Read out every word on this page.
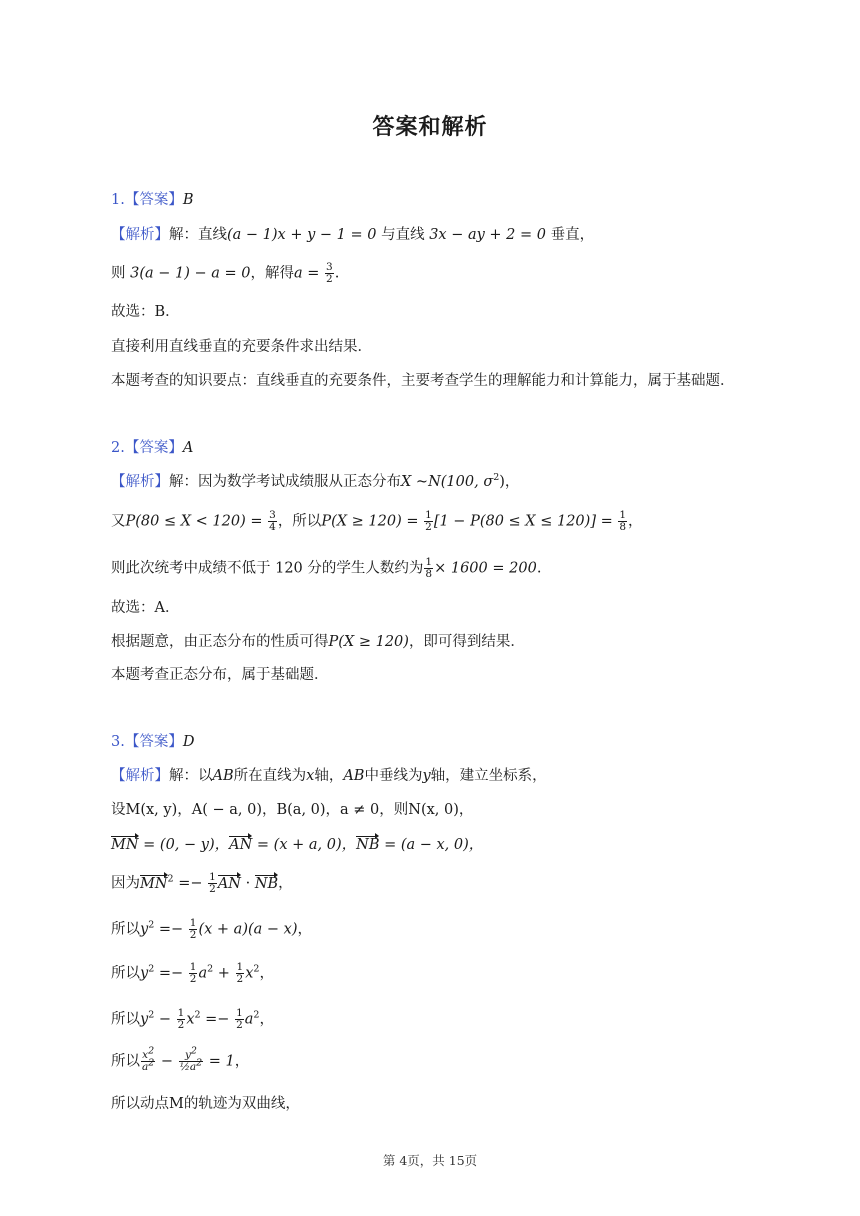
答案和解析
1.【答案】B
【解析】解：直线(a − 1)x + y − 1 = 0 与直线 3x − ay + 2 = 0 垂直，
则 3(a − 1) − a = 0，解得$a = \frac{3}{2}$ .
故选：B．
直接利用直线垂直的充要条件求出结果．
本题考查的知识要点：直线垂直的充要条件，主要考查学生的理解能力和计算能力，属于基础题．
2.【答案】A
【解析】解：因为数学考试成绩服从正态分布X ~N(100, $\sigma^2$)，
又$P(80 \le X < 120) = \frac{3}{4}$ ，所以$P(X \ge 120) = \frac{1}{2} [1 - P(80 \le X \le 120)] = \frac{1}{8}$ ，
则此次统考中成绩不低于 120 分的学生人数约为 $\frac{1}{8} \times 1600 = 200$.
故选：A．
根据题意，由正态分布的性质可得P(X ≥ 120)，即可得到结果．
本题考查正态分布，属于基础题．
3.【答案】D
【解析】解：以AB所在直线为x轴，AB中垂线为y轴，建立坐标系，
设M(x, y)，A( − a, 0)，B(a, 0)，a ≠ 0，则N(x, 0)，
MN = (0, − y)，AN = (x + a, 0)，NB = (a − x, 0)，
因为$MN^2 =- \frac{1}{2}$ AN · NB，
所以$y^2 =- \frac{1}{2} (x + a)(a - x)$，
所以$y^2 =- \frac{1}{2} a^2 + \frac{1}{2} x^2$，
所以$y^2 - \frac{1}{2} x^2 =- \frac{1}{2} a^2$，
所以 $\frac{x^2}{a^2} - \frac{y^2}{\frac{1}{2}a^2} = 1$，
所以动点M的轨迹为双曲线，
第 4页，共 15页
